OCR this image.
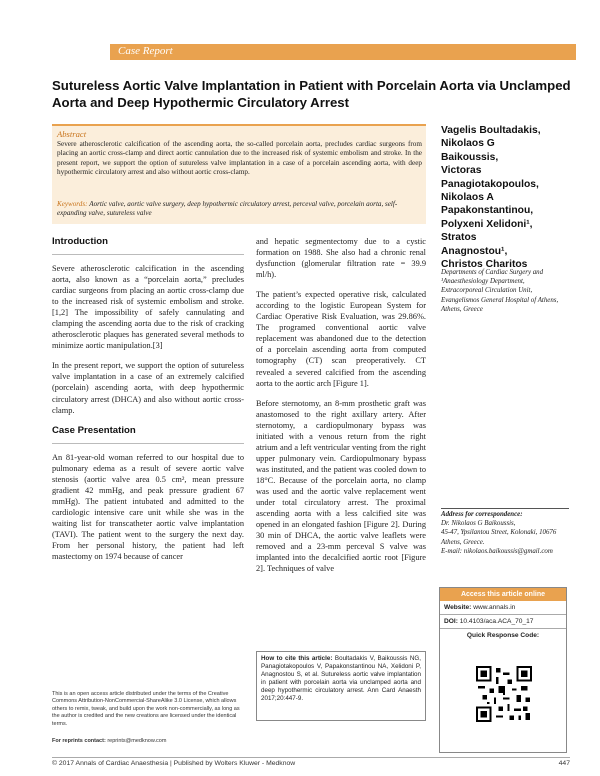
Case Report
Sutureless Aortic Valve Implantation in Patient with Porcelain Aorta via Unclamped Aorta and Deep Hypothermic Circulatory Arrest
Abstract

Severe atherosclerotic calcification of the ascending aorta, the so-called porcelain aorta, precludes cardiac surgeons from placing an aortic cross-clamp and direct aortic cannulation due to the increased risk of systemic embolism and stroke. In the present report, we support the option of sutureless valve implantation in a case of a porcelain ascending aorta, with deep hypothermic circulatory arrest and also without aortic cross-clamp.

Keywords: Aortic valve, aortic valve surgery, deep hypothermic circulatory arrest, perceval valve, porcelain aorta, self-expanding valve, sutureless valve
Vagelis Boultadakis,
Nikolaos G
Baikoussis,
Victoras
Panagiotakopoulos,
Nikolaos A
Papakonstantinou,
Polyxeni Xelidoni¹,
Stratos
Anagnostou¹,
Christos Charitos

Departments of Cardiac Surgery and ¹Anaesthesiology Department, Extracorporeal Circulation Unit, Evangelismos General Hospital of Athens, Athens, Greece

Address for correspondence:
Dr. Nikolaos G Baikoussis,
45-47, Ypsilantou Street, Kolonaki, 10676 Athens, Greece.
E-mail: nikolaos.baikoussis@gmail.com
Introduction

Severe atherosclerotic calcification in the ascending aorta, also known as a “porcelain aorta,” precludes cardiac surgeons from placing an aortic cross-clamp due to the increased risk of systemic embolism and stroke.[1,2] The impossibility of safely cannulating and clamping the ascending aorta due to the risk of cracking atherosclerotic plaques has generated several methods to minimize aortic manipulation.[3]

In the present report, we support the option of sutureless valve implantation in a case of an extremely calcified (porcelain) ascending aorta, with deep hypothermic circulatory arrest (DHCA) and also without aortic cross-clamp.

Case Presentation

An 81-year-old woman referred to our hospital due to pulmonary edema as a result of severe aortic valve stenosis (aortic valve area 0.5 cm², mean pressure gradient 42 mmHg, and peak pressure gradient 67 mmHg). The patient intubated and admitted to the cardiologic intensive care unit while she was in the waiting list for transcatheter aortic valve implantation (TAVI). The patient went to the surgery the next day. From her personal history, the patient had left mastectomy on 1974 because of cancer

and hepatic segmentectomy due to a cystic formation on 1988. She also had a chronic renal dysfunction (glomerular filtration rate = 39.9 ml/h).

The patient’s expected operative risk, calculated according to the logistic European System for Cardiac Operative Risk Evaluation, was 29.86%. The programed conventional aortic valve replacement was abandoned due to the detection of a porcelain ascending aorta from computed tomography (CT) scan preoperatively. CT revealed a severed calcified from the ascending aorta to the aortic arch [Figure 1].

Before sternotomy, an 8-mm prosthetic graft was anastomosed to the right axillary artery. After sternotomy, a cardiopulmonary bypass was initiated with a venous return from the right atrium and a left ventricular venting from the right upper pulmonary vein. Cardiopulmonary bypass was instituted, and the patient was cooled down to 18°C. Because of the porcelain aorta, no clamp was used and the aortic valve replacement went under total circulatory arrest. The proximal ascending aorta with a less calcified site was opened in an elongated fashion [Figure 2]. During 30 min of DHCA, the aortic valve leaflets were removed and a 23-mm perceval S valve was implanted into the decalcified aortic root [Figure 2]. Techniques of valve

This is an open access article distributed under the terms of the Creative Commons Attribution-NonCommercial-ShareAlike 3.0 License, which allows others to remix, tweak, and build upon the work non-commercially, as long as the author is credited and the new creations are licensed under the identical terms.

For reprints contact: reprints@medknow.com
How to cite this article: Boultadakis V, Baikoussis NG, Panagiotakopoulos V, Papakonstantinou NA, Xelidoni P, Anagnostou S, et al. Sutureless aortic valve implantation in patient with porcelain aorta via unclamped aorta and deep hypothermic circulatory arrest. Ann Card Anaesth 2017;20:447-9.
Access this article online
Website: www.annals.in
DOI: 10.4103/aca.ACA_70_17
Quick Response Code:
© 2017 Annals of Cardiac Anaesthesia | Published by Wolters Kluwer - Medknow	447
